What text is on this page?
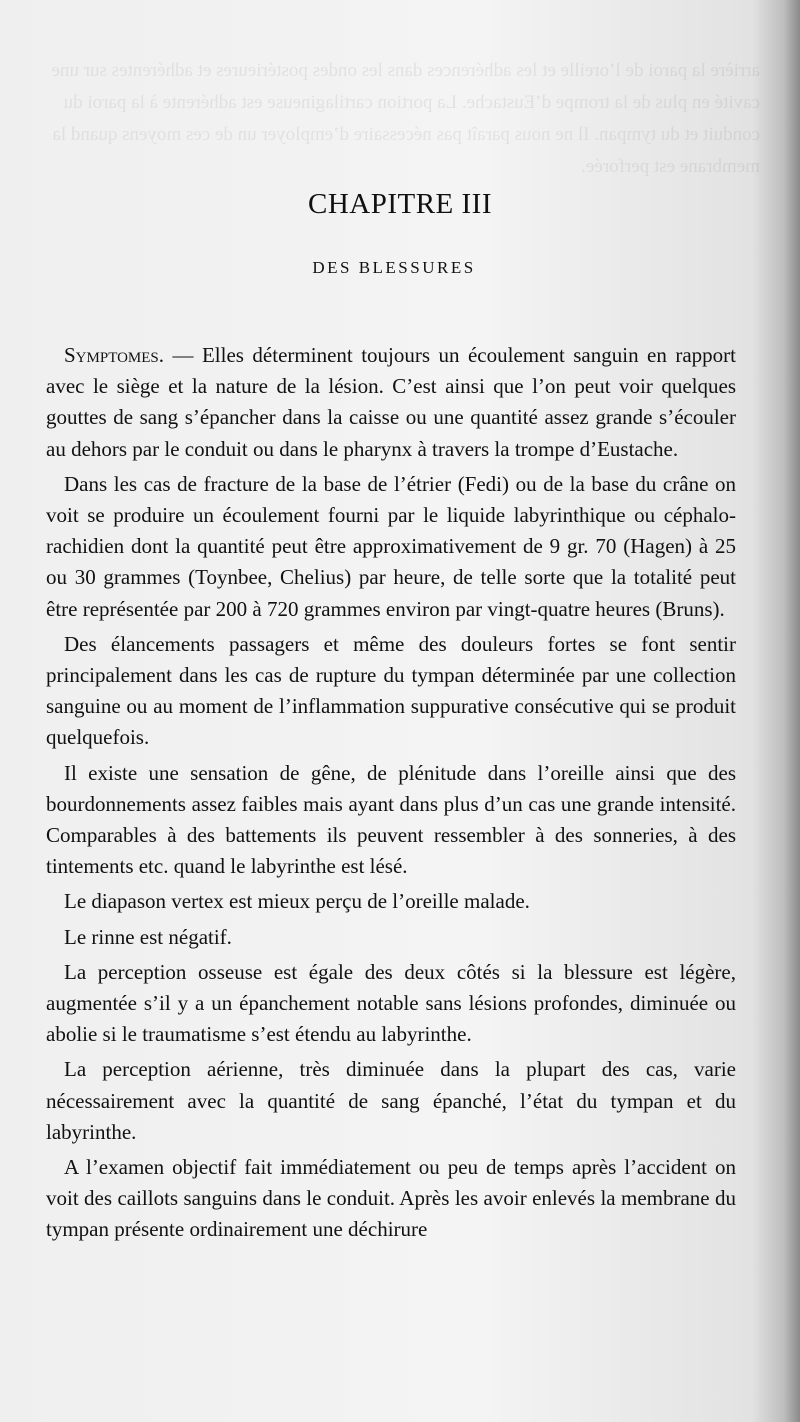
arrière la paroi de l’oreille et les adhérences dans les ondes postérieures et adhérentes sur une cavité en plus de la trompe d’Eustache. La portion cartilagineuse est adhérente à la paroi du conduit et du tympan. Il ne nous paraît pas nécessaire d’employer un de ces moyens quand la membrane est perforée.
CHAPITRE III
DES BLESSURES

Symptomes. — Elles déterminent toujours un écoulement sanguin en rapport avec le siège et la nature de la lésion. C’est ainsi que l’on peut voir quelques gouttes de sang s’épancher dans la caisse ou une quantité assez grande s’écouler au dehors par le conduit ou dans le pharynx à travers la trompe d’Eustache.

Dans les cas de fracture de la base de l’étrier (Fedi) ou de la base du crâne on voit se produire un écoulement fourni par le liquide labyrinthique ou céphalo-rachidien dont la quantité peut être approximativement de 9 gr. 70 (Hagen) à 25 ou 30 grammes (Toynbee, Chelius) par heure, de telle sorte que la totalité peut être représentée par 200 à 720 grammes environ par vingt-quatre heures (Bruns).

Des élancements passagers et même des douleurs fortes se font sentir principalement dans les cas de rupture du tympan déterminée par une collection sanguine ou au moment de l’inflammation suppurative consécutive qui se produit quelquefois.

Il existe une sensation de gêne, de plénitude dans l’oreille ainsi que des bourdonnements assez faibles mais ayant dans plus d’un cas une grande intensité. Comparables à des battements ils peuvent ressembler à des sonneries, à des tintements etc. quand le labyrinthe est lésé.

Le diapason vertex est mieux perçu de l’oreille malade.

Le rinne est négatif.

La perception osseuse est égale des deux côtés si la blessure est légère, augmentée s’il y a un épanchement notable sans lésions profondes, diminuée ou abolie si le traumatisme s’est étendu au labyrinthe.

La perception aérienne, très diminuée dans la plupart des cas, varie nécessairement avec la quantité de sang épanché, l’état du tympan et du labyrinthe.

A l’examen objectif fait immédiatement ou peu de temps après l’accident on voit des caillots sanguins dans le conduit. Après les avoir enlevés la membrane du tympan présente ordinairement une déchirure
